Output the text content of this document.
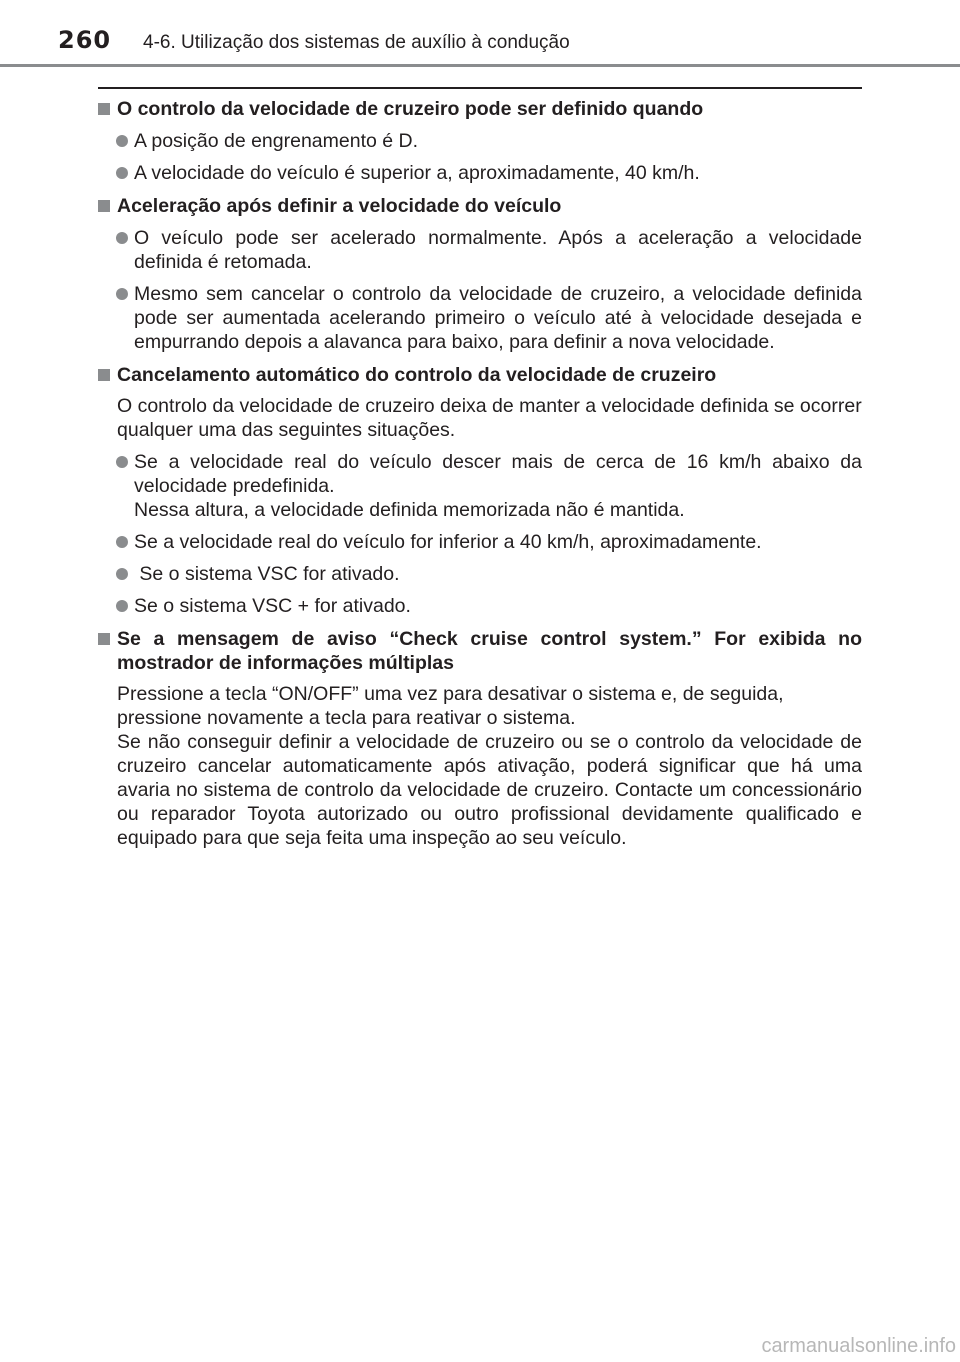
260 4-6. Utilização dos sistemas de auxílio à condução
O controlo da velocidade de cruzeiro pode ser definido quando
A posição de engrenamento é D.
A velocidade do veículo é superior a, aproximadamente, 40 km/h.
Aceleração após definir a velocidade do veículo
O veículo pode ser acelerado normalmente. Após a aceleração a velocidade definida é retomada.
Mesmo sem cancelar o controlo da velocidade de cruzeiro, a velocidade definida pode ser aumentada acelerando primeiro o veículo até à velocidade desejada e empurrando depois a alavanca para baixo, para definir a nova velocidade.
Cancelamento automático do controlo da velocidade de cruzeiro
O controlo da velocidade de cruzeiro deixa de manter a velocidade definida se ocorrer qualquer uma das seguintes situações.
Se a velocidade real do veículo descer mais de cerca de 16 km/h abaixo da velocidade predefinida.
Nessa altura, a velocidade definida memorizada não é mantida.
Se a velocidade real do veículo for inferior a 40 km/h, aproximadamente.
Se o sistema VSC for ativado.
Se o sistema VSC + for ativado.
Se a mensagem de aviso “Check cruise control system.” For exibida no mostrador de informações múltiplas
Pressione a tecla “ON/OFF” uma vez para desativar o sistema e, de seguida, pressione novamente a tecla para reativar o sistema.
Se não conseguir definir a velocidade de cruzeiro ou se o controlo da velocidade de cruzeiro cancelar automaticamente após ativação, poderá significar que há uma avaria no sistema de controlo da velocidade de cruzeiro. Contacte um concessionário ou reparador Toyota autorizado ou outro profissional devidamente qualificado e equipado para que seja feita uma inspeção ao seu veículo.
carmanualsonline.info
